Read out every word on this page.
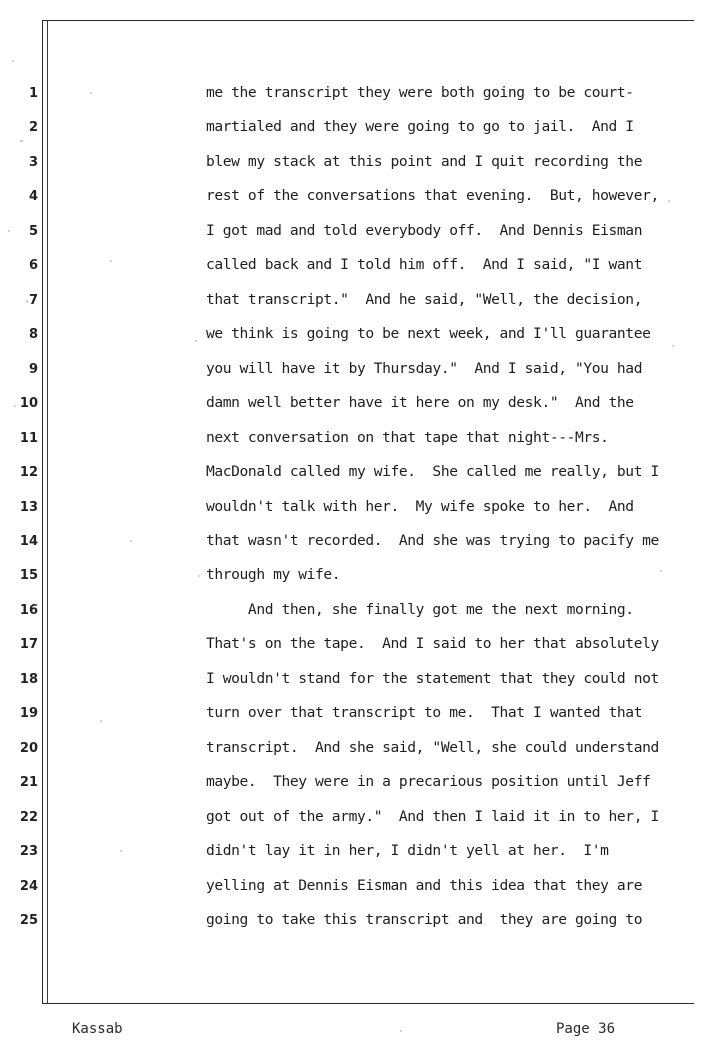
1
2
3
4
5
6
7
8
9
10
11
12
13
14
15
16
17
18
19
20
21
22
23
24
25
me the transcript they were both going to be court-
martialed and they were going to go to jail.  And I
blew my stack at this point and I quit recording the
rest of the conversations that evening.  But, however,
I got mad and told everybody off.  And Dennis Eisman
called back and I told him off.  And I said, "I want
that transcript."  And he said, "Well, the decision,
we think is going to be next week, and I'll guarantee
you will have it by Thursday."  And I said, "You had
damn well better have it here on my desk."  And the
next conversation on that tape that night---Mrs.
MacDonald called my wife.  She called me really, but I
wouldn't talk with her.  My wife spoke to her.  And
that wasn't recorded.  And she was trying to pacify me
through my wife.
And then, she finally got me the next morning.
That's on the tape.  And I said to her that absolutely
I wouldn't stand for the statement that they could not
turn over that transcript to me.  That I wanted that
transcript.  And she said, "Well, she could understand
maybe.  They were in a precarious position until Jeff
got out of the army."  And then I laid it in to her, I
didn't lay it in her, I didn't yell at her.  I'm
yelling at Dennis Eisman and this idea that they are
going to take this transcript and  they are going to
Kassab	Page 36
